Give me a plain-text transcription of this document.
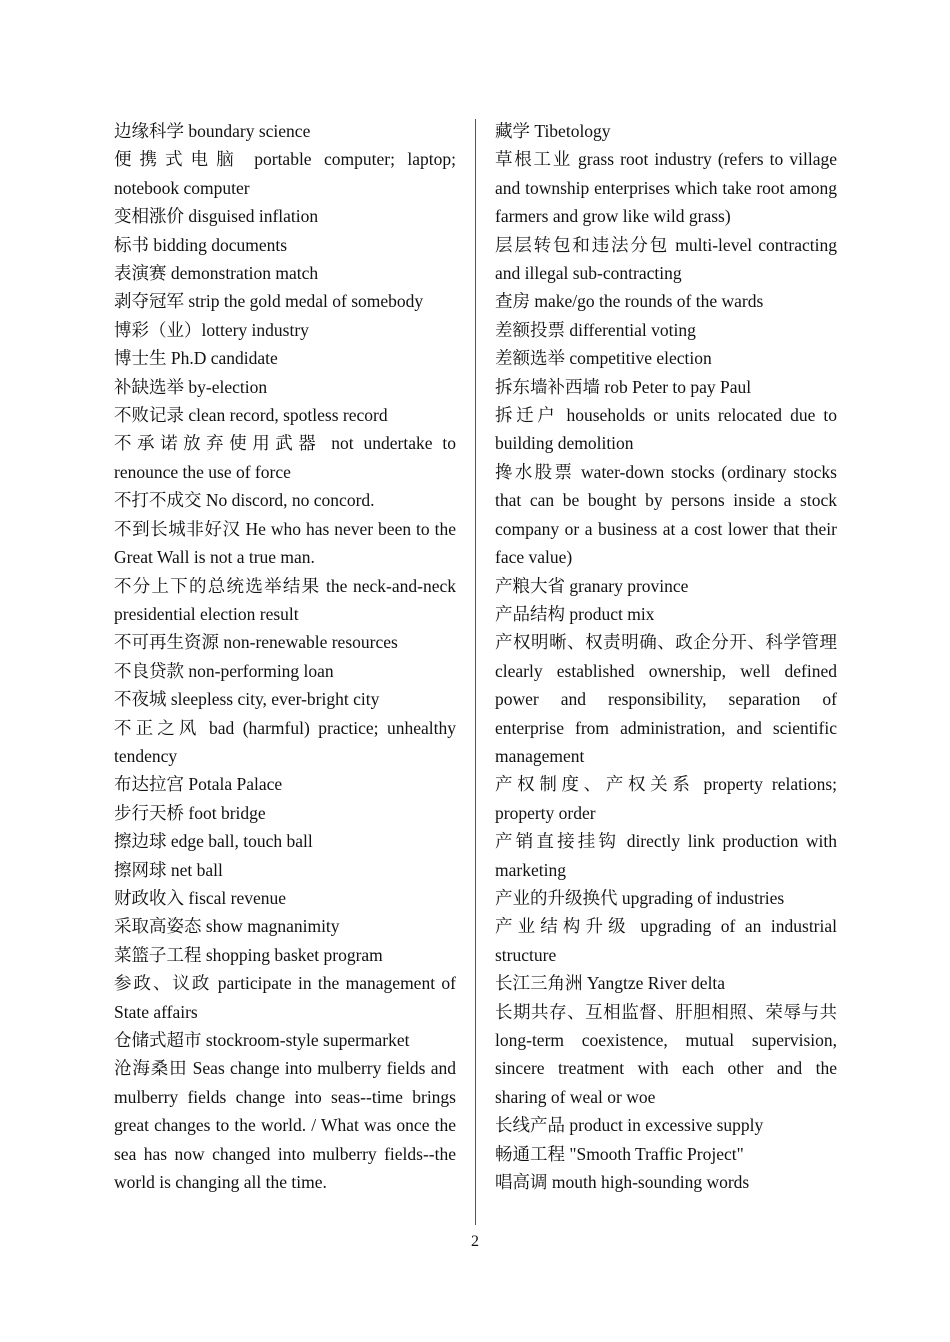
边缘科学 boundary science

便携式电脑 portable computer; laptop; notebook computer

变相涨价 disguised inflation

标书 bidding documents

表演赛 demonstration match

剥夺冠军 strip the gold medal of somebody

博彩（业）lottery industry

博士生 Ph.D candidate

补缺选举 by-election

不败记录 clean record, spotless record

不承诺放弃使用武器 not undertake to renounce the use of force

不打不成交 No discord, no concord.

不到长城非好汉 He who has never been to the Great Wall is not a true man.

不分上下的总统选举结果 the neck-and-neck presidential election result

不可再生资源 non-renewable resources

不良贷款 non-performing loan

不夜城 sleepless city, ever-bright city

不正之风 bad (harmful) practice; unhealthy tendency

布达拉宫 Potala Palace

步行天桥 foot bridge

擦边球 edge ball, touch ball

擦网球 net ball

财政收入 fiscal revenue

采取高姿态 show magnanimity

菜篮子工程 shopping basket program

参政、议政 participate in the management of State affairs

仓储式超市 stockroom-style supermarket

沧海桑田 Seas change into mulberry fields and mulberry fields change into seas--time brings great changes to the world. / What was once the sea has now changed into mulberry fields--the world is changing all the time.

藏学 Tibetology

草根工业 grass root industry (refers to village and township enterprises which take root among farmers and grow like wild grass)

层层转包和违法分包 multi-level contracting and illegal sub-contracting

查房 make/go the rounds of the wards

差额投票 differential voting

差额选举 competitive election

拆东墙补西墙 rob Peter to pay Paul

拆迁户 households or units relocated due to building demolition

搀水股票 water-down stocks (ordinary stocks that can be bought by persons inside a stock company or a business at a cost lower that their face value)

产粮大省 granary province

产品结构 product mix

产权明晰、权责明确、政企分开、科学管理 clearly established ownership, well defined power and responsibility, separation of enterprise from administration, and scientific management

产权制度、产权关系 property relations; property order

产销直接挂钩 directly link production with marketing

产业的升级换代 upgrading of industries

产业结构升级 upgrading of an industrial structure

长江三角洲 Yangtze River delta

长期共存、互相监督、肝胆相照、荣辱与共 long-term coexistence, mutual supervision, sincere treatment with each other and the sharing of weal or woe

长线产品 product in excessive supply

畅通工程 "Smooth Traffic Project"

唱高调 mouth high-sounding words

2
